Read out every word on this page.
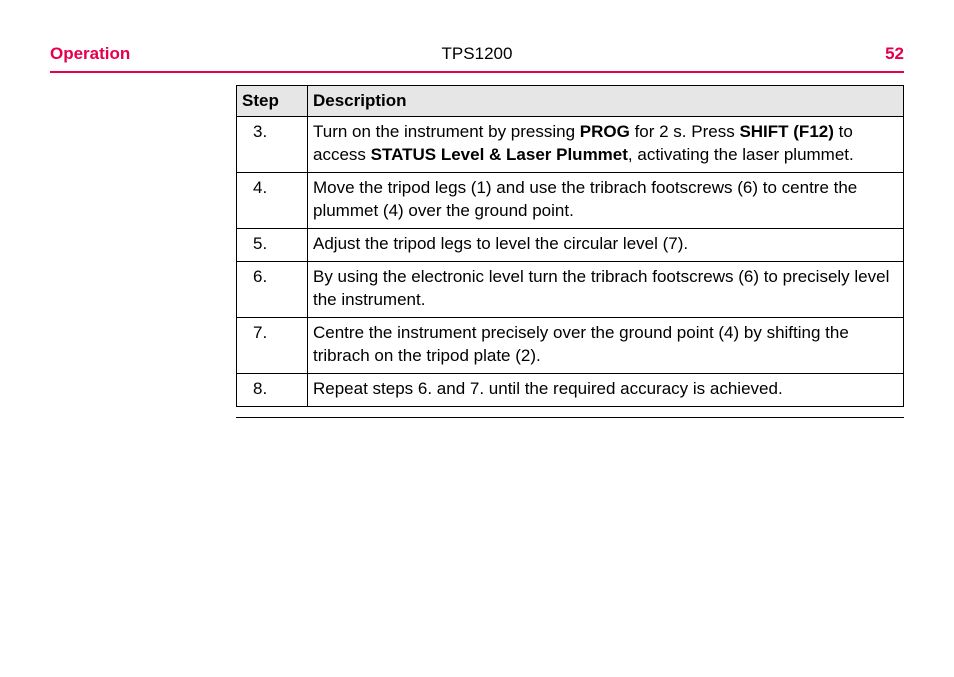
Operation	TPS1200	52
Step	Description
3.	Turn on the instrument by pressing PROG for 2 s. Press SHIFT (F12) to access STATUS Level & Laser Plummet, activating the laser plummet.
4.	Move the tripod legs (1) and use the tribrach footscrews (6) to centre the plummet (4) over the ground point.
5.	Adjust the tripod legs to level the circular level (7).
6.	By using the electronic level turn the tribrach footscrews (6) to precisely level the instrument.
7.	Centre the instrument precisely over the ground point (4) by shifting the tribrach on the tripod plate (2).
8.	Repeat steps 6. and 7. until the required accuracy is achieved.
